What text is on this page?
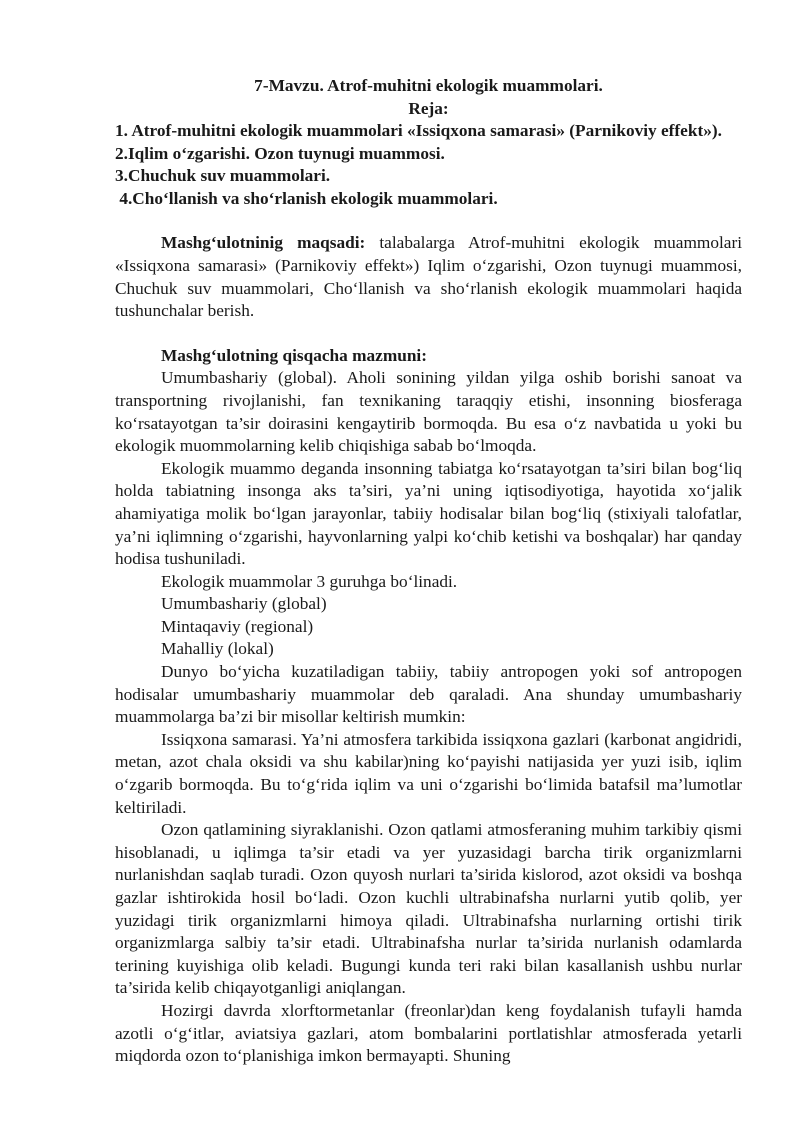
7-Mavzu. Atrof-muhitni ekologik muammolari.

Reja:

1. Atrof-muhitni ekologik muammolari «Issiqxona samarasi» (Parnikoviy effekt»).

2.Iqlim o‘zgarishi. Ozon tuynugi muammosi.

3.Chuchuk suv muammolari.

4.Cho‘llanish va sho‘rlanish ekologik muammolari.

Mashg‘ulotninig maqsadi: talabalarga Atrof-muhitni ekologik muammolari «Issiqxona samarasi» (Parnikoviy effekt») Iqlim o‘zgarishi, Ozon tuynugi muammosi, Chuchuk suv muammolari, Cho‘llanish va sho‘rlanish ekologik muammolari haqida tushunchalar berish.

Mashg‘ulotning qisqacha mazmuni:

Umumbashariy (global). Aholi sonining yildan yilga oshib borishi sanoat va transportning rivojlanishi, fan texnikaning taraqqiy etishi, insonning biosferaga ko‘rsatayotgan ta’sir doirasini kengaytirib bormoqda. Bu esa o‘z navbatida u yoki bu ekologik muommolarning kelib chiqishiga sabab bo‘lmoqda.

Ekologik muammo deganda insonning tabiatga ko‘rsatayotgan ta’siri bilan bog‘liq holda tabiatning insonga aks ta’siri, ya’ni uning iqtisodiyotiga, hayotida xo‘jalik ahamiyatiga molik bo‘lgan jarayonlar, tabiiy hodisalar bilan bog‘liq (stixiyali talofatlar, ya’ni iqlimning o‘zgarishi, hayvonlarning yalpi ko‘chib ketishi va boshqalar) har qanday hodisa tushuniladi.

Ekologik muammolar 3 guruhga bo‘linadi.

Umumbashariy (global)

Mintaqaviy (regional)

Mahalliy (lokal)

Dunyo bo‘yicha kuzatiladigan tabiiy, tabiiy antropogen yoki sof antropogen hodisalar umumbashariy muammolar deb qaraladi. Ana shunday umumbashariy muammolarga ba’zi bir misollar keltirish mumkin:

Issiqxona samarasi. Ya’ni atmosfera tarkibida issiqxona gazlari (karbonat angidridi, metan, azot chala oksidi va shu kabilar)ning ko‘payishi natijasida yer yuzi isib, iqlim o‘zgarib bormoqda. Bu to‘g‘rida iqlim va uni o‘zgarishi bo‘limida batafsil ma’lumotlar keltiriladi.

Ozon qatlamining siyraklanishi. Ozon qatlami atmosferaning muhim tarkibiy qismi hisoblanadi, u iqlimga ta’sir etadi va yer yuzasidagi barcha tirik organizmlarni nurlanishdan saqlab turadi. Ozon quyosh nurlari ta’sirida kislorod, azot oksidi va boshqa gazlar ishtirokida hosil bo‘ladi. Ozon kuchli ultrabinafsha nurlarni yutib qolib, yer yuzidagi tirik organizmlarni himoya qiladi. Ultrabinafsha nurlarning ortishi tirik organizmlarga salbiy ta’sir etadi. Ultrabinafsha nurlar ta’sirida nurlanish odamlarda terining kuyishiga olib keladi. Bugungi kunda teri raki bilan kasallanish ushbu nurlar ta’sirida kelib chiqayotganligi aniqlangan.

Hozirgi davrda xlorftormetanlar (freonlar)dan keng foydalanish tufayli hamda azotli o‘g‘itlar, aviatsiya gazlari, atom bombalarini portlatishlar atmosferada yetarli miqdorda ozon to‘planishiga imkon bermayapti. Shuning
